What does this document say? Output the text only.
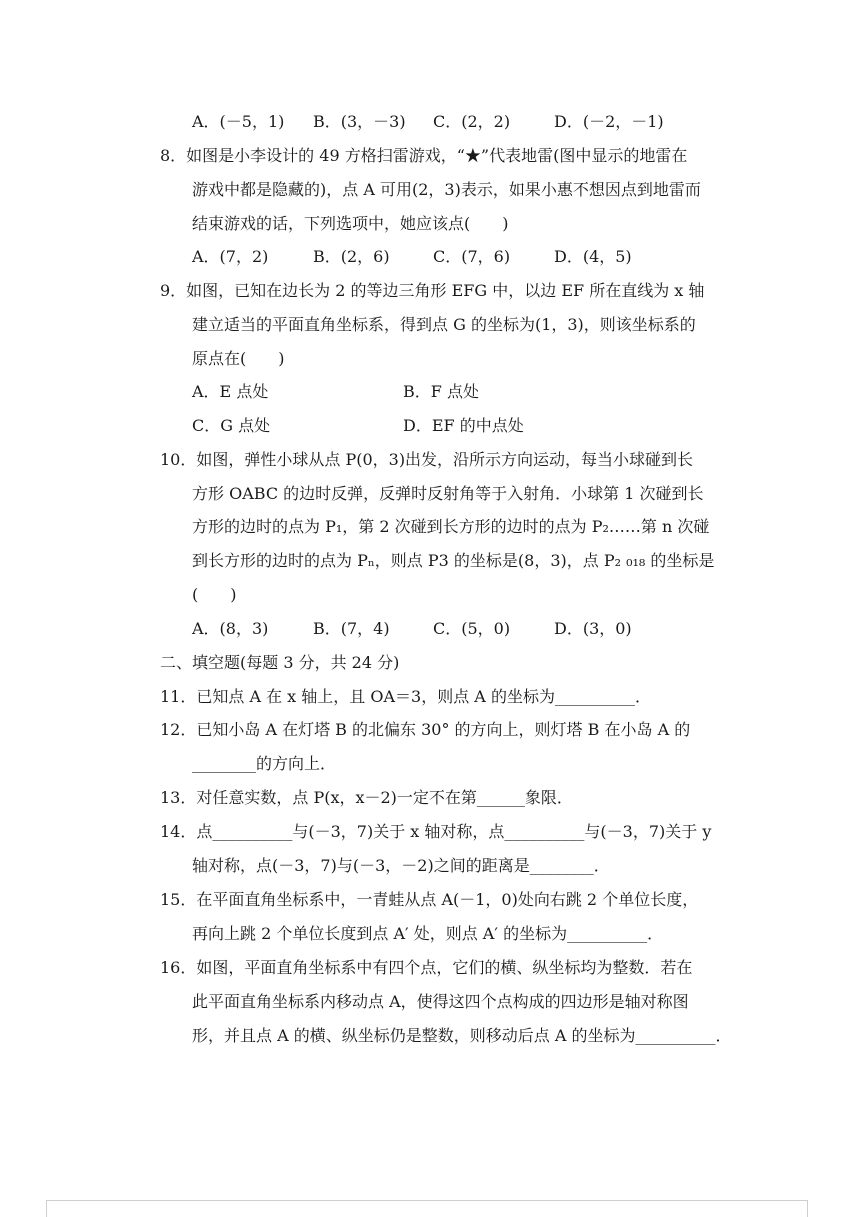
A．(－5，1) B．(3，－3) C．(2，2)	D．(－2，－1)
8．如图是小李设计的 49 方格扫雷游戏，“★”代表地雷(图中显示的地雷在
游戏中都是隐藏的)，点 A 可用(2，3)表示，如果小惠不想因点到地雷而
结束游戏的话，下列选项中，她应该点(　　)
A．(7，2)	B．(2，6)	C．(7，6)	D．(4，5)
9．如图，已知在边长为 2 的等边三角形 EFG 中，以边 EF 所在直线为 x 轴
建立适当的平面直角坐标系，得到点 G 的坐标为(1，3)，则该坐标系的
原点在(　　)
A．E 点处	B．F 点处
C．G 点处	D．EF 的中点处
10．如图，弹性小球从点 P(0，3)出发，沿所示方向运动，每当小球碰到长
方形 OABC 的边时反弹，反弹时反射角等于入射角．小球第 1 次碰到长
方形的边时的点为 P₁，第 2 次碰到长方形的边时的点为 P₂……第 n 次碰
到长方形的边时的点为 Pₙ，则点 P3 的坐标是(8，3)，点 P₂ ₀₁₈ 的坐标是
(　　)
A．(8，3)	B．(7，4)	C．(5，0)	D．(3，0)
二、填空题(每题 3 分，共 24 分)
11．已知点 A 在 x 轴上，且 OA＝3，则点 A 的坐标为__________．
12．已知小岛 A 在灯塔 B 的北偏东 30° 的方向上，则灯塔 B 在小岛 A 的
________的方向上．
13．对任意实数，点 P(x，x－2)一定不在第______象限．
14．点__________与(－3，7)关于 x 轴对称，点__________与(－3，7)关于 y
轴对称，点(－3，7)与(－3，－2)之间的距离是________．
15．在平面直角坐标系中，一青蛙从点 A(－1，0)处向右跳 2 个单位长度，
再向上跳 2 个单位长度到点 A′ 处，则点 A′ 的坐标为__________．
16．如图，平面直角坐标系中有四个点，它们的横、纵坐标均为整数．若在
此平面直角坐标系内移动点 A，使得这四个点构成的四边形是轴对称图
形，并且点 A 的横、纵坐标仍是整数，则移动后点 A 的坐标为__________．
